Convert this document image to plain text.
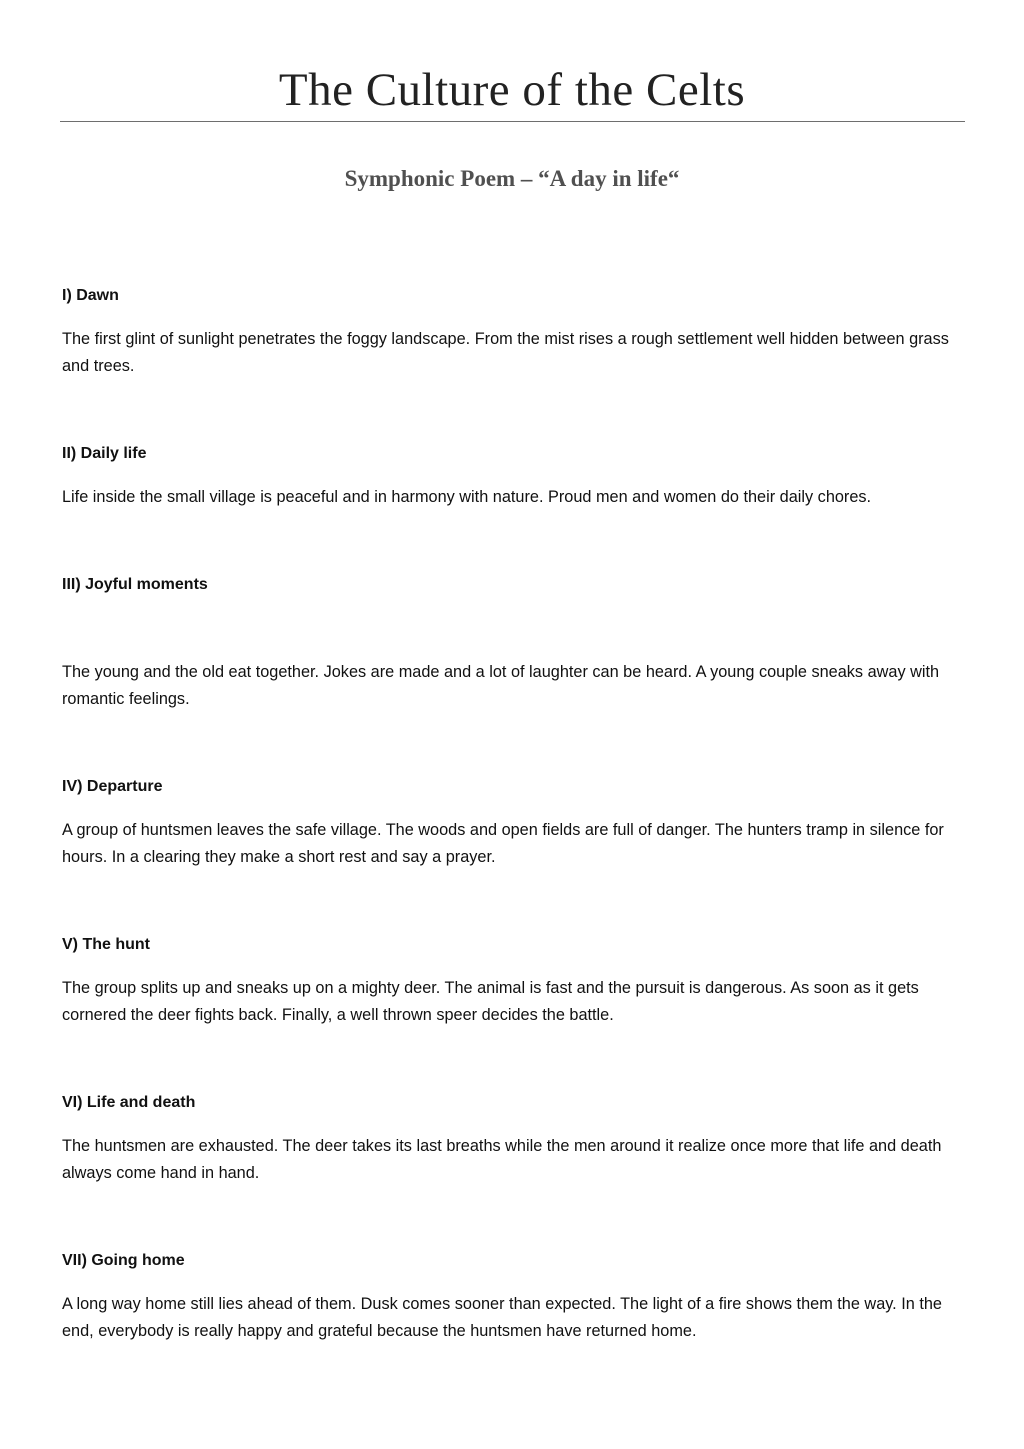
The Culture of the Celts
Symphonic Poem – “A day in life“
I) Dawn

The first glint of sunlight penetrates the foggy landscape. From the mist rises a rough settlement well hidden between grass and trees.

II) Daily life

Life inside the small village is peaceful and in harmony with nature. Proud men and women do their daily chores.

III) Joyful moments

The young and the old eat together. Jokes are made and a lot of laughter can be heard. A young couple sneaks away with romantic feelings.

IV) Departure

A group of huntsmen leaves the safe village. The woods and open fields are full of danger. The hunters tramp in silence for hours. In a clearing they make a short rest and say a prayer.

V) The hunt

The group splits up and sneaks up on a mighty deer. The animal is fast and the pursuit is dangerous. As soon as it gets cornered the deer fights back. Finally, a well thrown speer decides the battle.

VI) Life and death

The huntsmen are exhausted. The deer takes its last breaths while the men around it realize once more that life and death always come hand in hand.

VII) Going home

A long way home still lies ahead of them. Dusk comes sooner than expected. The light of a fire shows them the way. In the end, everybody is really happy and grateful because the huntsmen have returned home.
